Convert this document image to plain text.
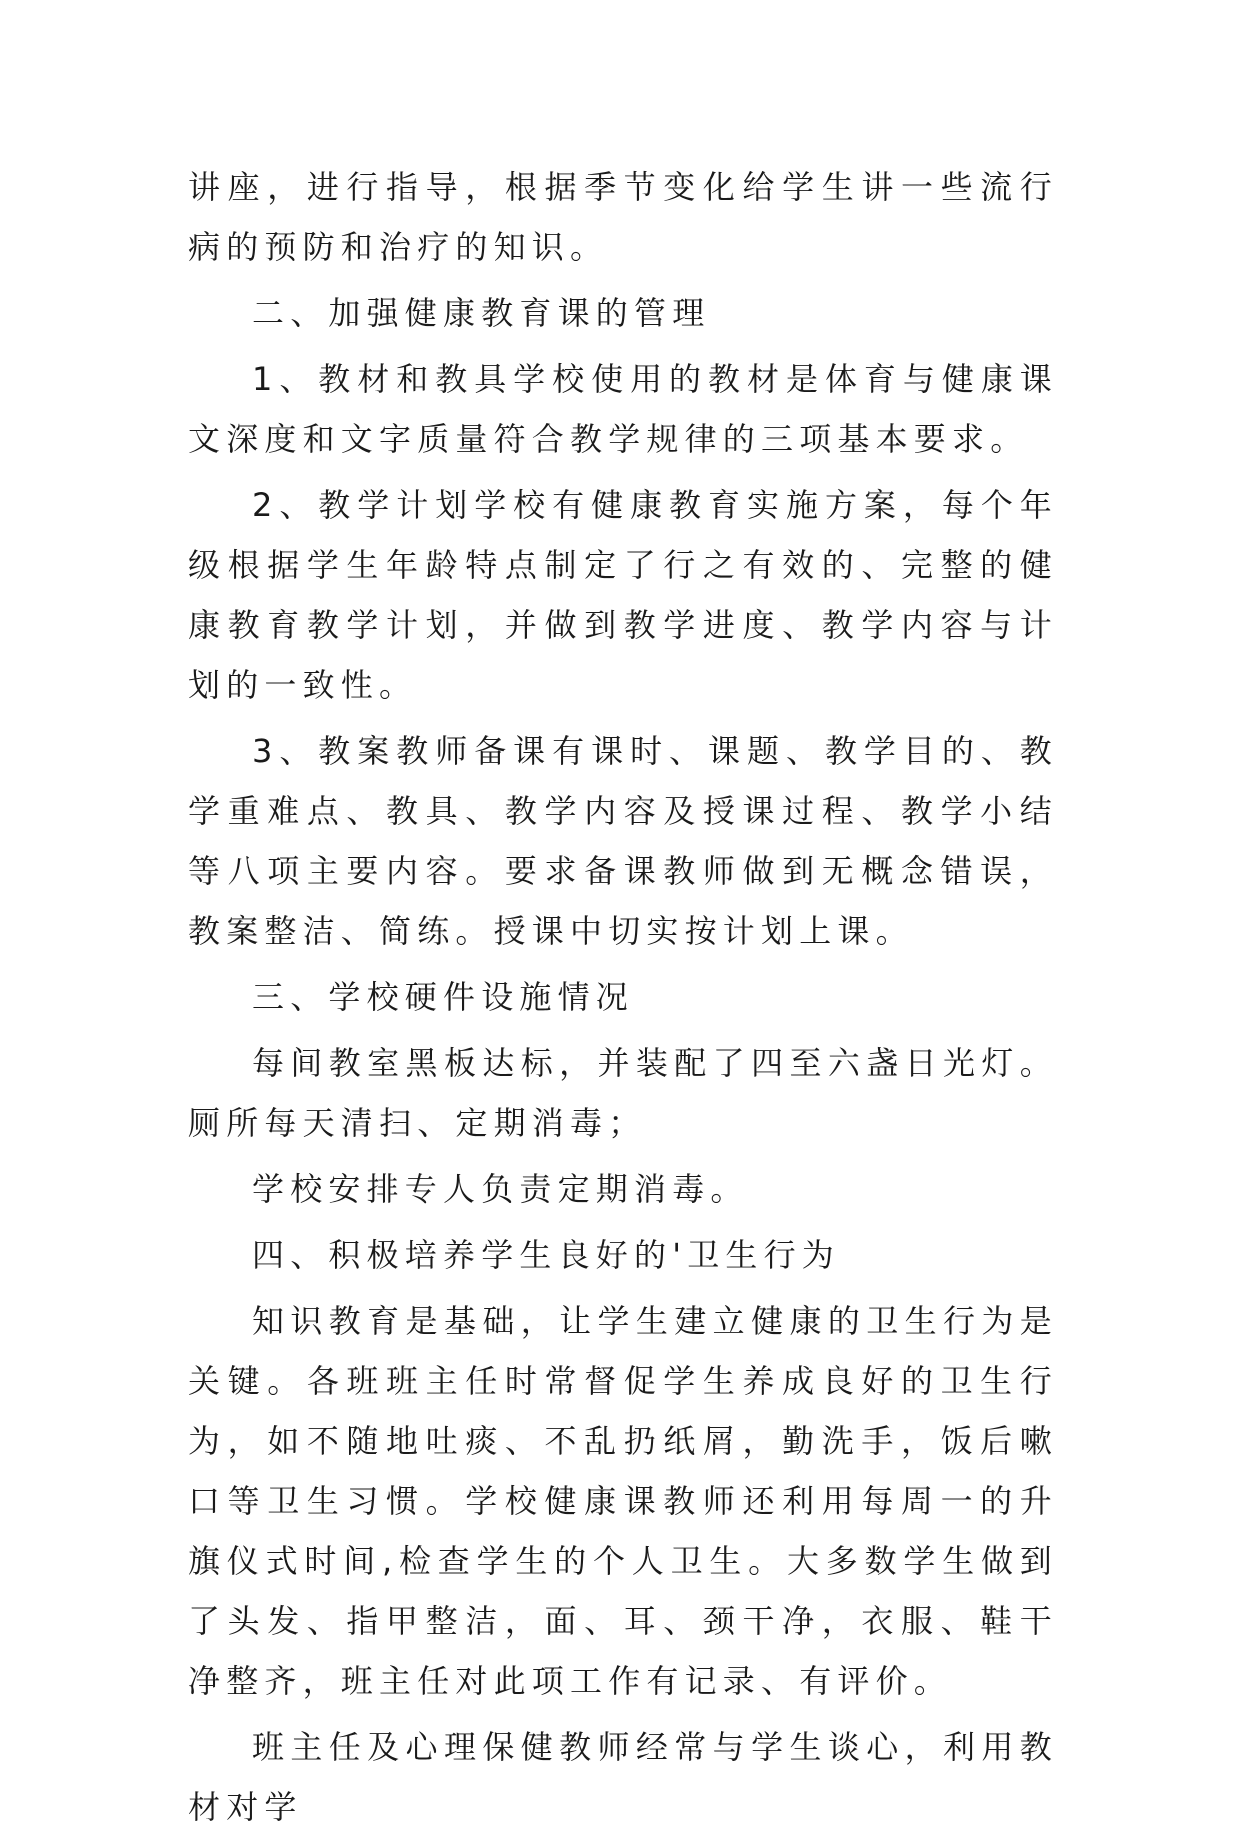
讲座，进行指导，根据季节变化给学生讲一些流行病的预防和治疗的知识。

二、加强健康教育课的管理

1、教材和教具学校使用的教材是体育与健康课文深度和文字质量符合教学规律的三项基本要求。

2、教学计划学校有健康教育实施方案，每个年级根据学生年龄特点制定了行之有效的、完整的健康教育教学计划，并做到教学进度、教学内容与计划的一致性。

3、教案教师备课有课时、课题、教学目的、教学重难点、教具、教学内容及授课过程、教学小结等八项主要内容。要求备课教师做到无概念错误，教案整洁、简练。授课中切实按计划上课。

三、学校硬件设施情况

每间教室黑板达标，并装配了四至六盏日光灯。厕所每天清扫、定期消毒；

学校安排专人负责定期消毒。

四、积极培养学生良好的'卫生行为

知识教育是基础，让学生建立健康的卫生行为是关键。各班班主任时常督促学生养成良好的卫生行为，如不随地吐痰、不乱扔纸屑，勤洗手，饭后嗽口等卫生习惯。学校健康课教师还利用每周一的升旗仪式时间,检查学生的个人卫生。大多数学生做到了头发、指甲整洁，面、耳、颈干净，衣服、鞋干净整齐，班主任对此项工作有记录、有评价。

班主任及心理保健教师经常与学生谈心，利用教材对学
